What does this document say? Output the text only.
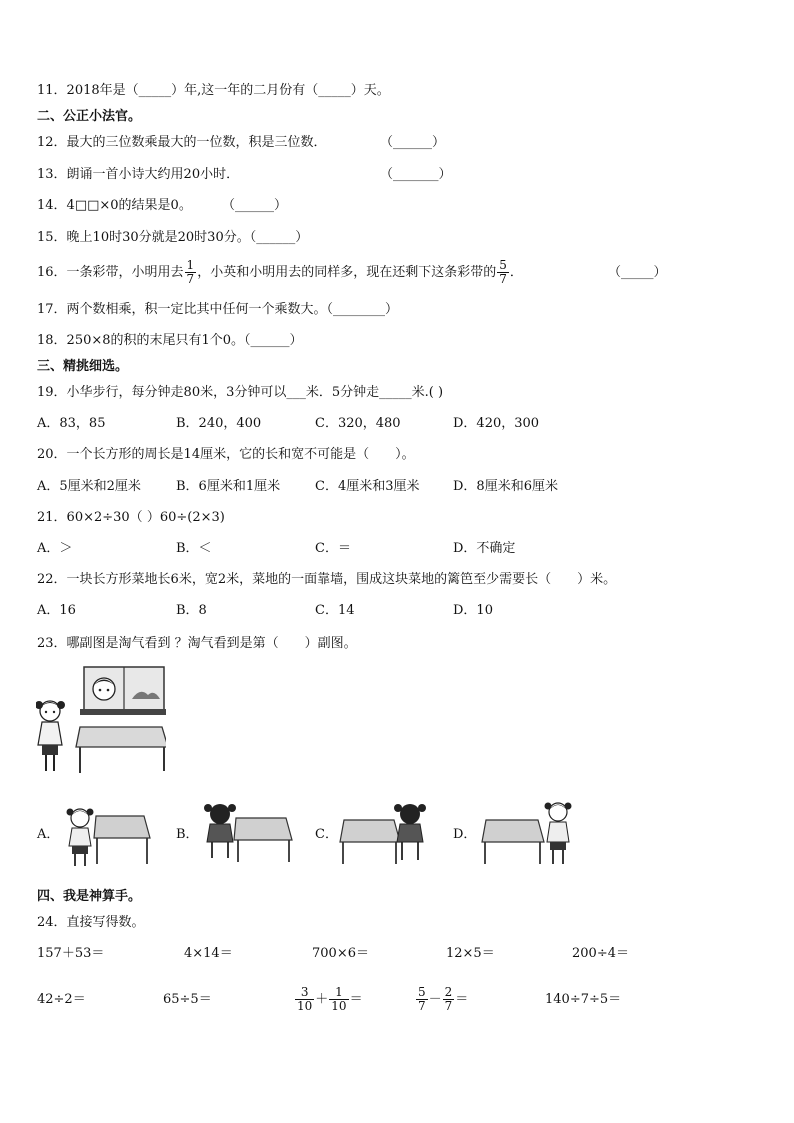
11．2018年是（_____）年,这一年的二月份有（_____）天。
二、公正小法官。
12．最大的三位数乘最大的一位数，积是三位数．	（______）
13．朗诵一首小诗大约用20小时．	（_______）
14．4□□×0的结果是0。 （______）
15．晚上10时30分就是20时30分。（______）
16．一条彩带，小明用去 $\frac{1}{7}$ ，小英和小明用去的同样多，现在还剩下这条彩带的 $\frac{5}{7}$ ．	（_____）
17．两个数相乘，积一定比其中任何一个乘数大。（________）
18．250×8的积的末尾只有1个0。（______）
三、精挑细选。
19．小华步行，每分钟走80米，3分钟可以___米．5分钟走_____米.( )
A．83，85	B．240，400	C．320，480	D．420，300
20．一个长方形的周长是14厘米，它的长和宽不可能是（　　）。
A．5厘米和2厘米	B．6厘米和1厘米	C．4厘米和3厘米	D．8厘米和6厘米
21．60×2÷30（ ）60÷(2×3)
A．＞	B．＜	C．＝	D．不确定
22．一块长方形菜地长6米，宽2米，菜地的一面靠墙，围成这块菜地的篱笆至少需要长（　　）米。
A．16	B．8	C．14	D．10
23．哪副图是淘气看到 ？淘气看到是第（　　）副图。
A．	B．	C．	D．
四、我是神算手。
24．直接写得数。
157＋53＝	4×14＝	700×6＝	12×5＝	200÷4＝
42÷2＝	65÷5＝	$\frac{3}{10} + \frac{1}{10}$ ＝	$\frac{5}{7} - \frac{2}{7}$ ＝	140÷7÷5＝
